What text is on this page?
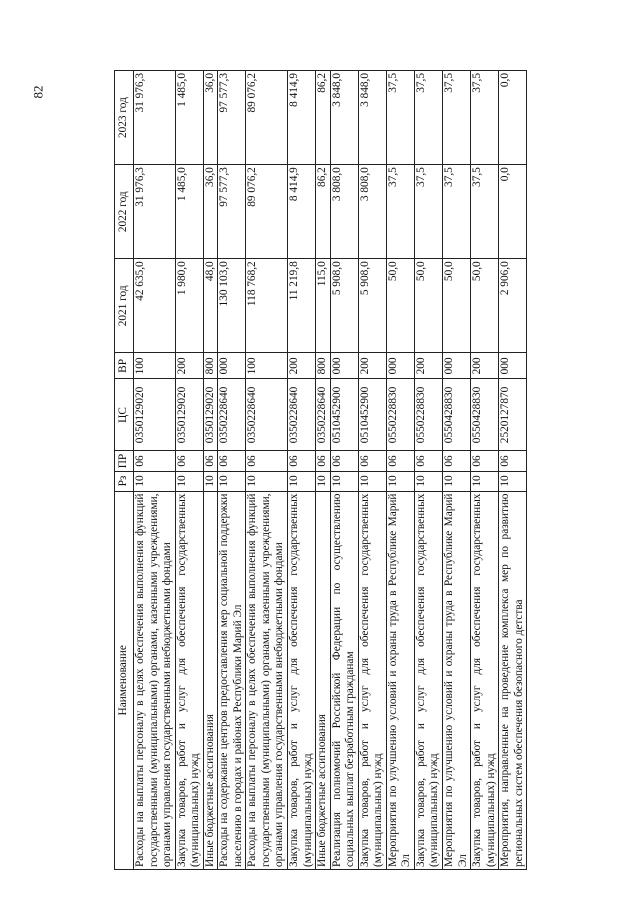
82
Наименование	Рз	ПР	ЦС	ВР	2021 год	2022 год	2023 год
Расходы на выплаты персоналу в целях обеспечения выполнения функций государственными (муниципальными) органами, казенными учреждениями, органами управления государственными внебюджетными фондами	10	06	0350129020	100	42 635,0	31 976,3	31 976,3
Закупка товаров, работ и услуг для обеспечения государственных (муниципальных) нужд	10	06	0350129020	200	1 980,0	1 485,0	1 485,0
Иные бюджетные ассигнования	10	06	0350129020	800	48,0	36,0	36,0
Расходы на содержание центров предоставления мер социальной поддержки населению в городах и районах Республики Марий Эл	10	06	0350228640	000	130 103,0	97 577,3	97 577,3
Расходы на выплаты персоналу в целях обеспечения выполнения функций государственными (муниципальными) органами, казенными учреждениями, органами управления государственными внебюджетными фондами	10	06	0350228640	100	118 768,2	89 076,2	89 076,2
Закупка товаров, работ и услуг для обеспечения государственных (муниципальных) нужд	10	06	0350228640	200	11 219,8	8 414,9	8 414,9
Иные бюджетные ассигнования	10	06	0350228640	800	115,0	86,2	86,2
Реализация полномочий Российской Федерации по осуществлению социальных выплат безработным гражданам	10	06	0510452900	000	5 908,0	3 808,0	3 848,0
Закупка товаров, работ и услуг для обеспечения государственных (муниципальных) нужд	10	06	0510452900	200	5 908,0	3 808,0	3 848,0
Мероприятия по улучшению условий и охраны труда в Республике Марий Эл	10	06	0550228830	000	50,0	37,5	37,5
Закупка товаров, работ и услуг для обеспечения государственных (муниципальных) нужд	10	06	0550228830	200	50,0	37,5	37,5
Мероприятия по улучшению условий и охраны труда в Республике Марий Эл	10	06	0550428830	000	50,0	37,5	37,5
Закупка товаров, работ и услуг для обеспечения государственных (муниципальных) нужд	10	06	0550428830	200	50,0	37,5	37,5
Мероприятия, направленные на проведение комплекса мер по развитию региональных систем обеспечения безопасного детства	10	06	2520127870	000	2 906,0	0,0	0,0
